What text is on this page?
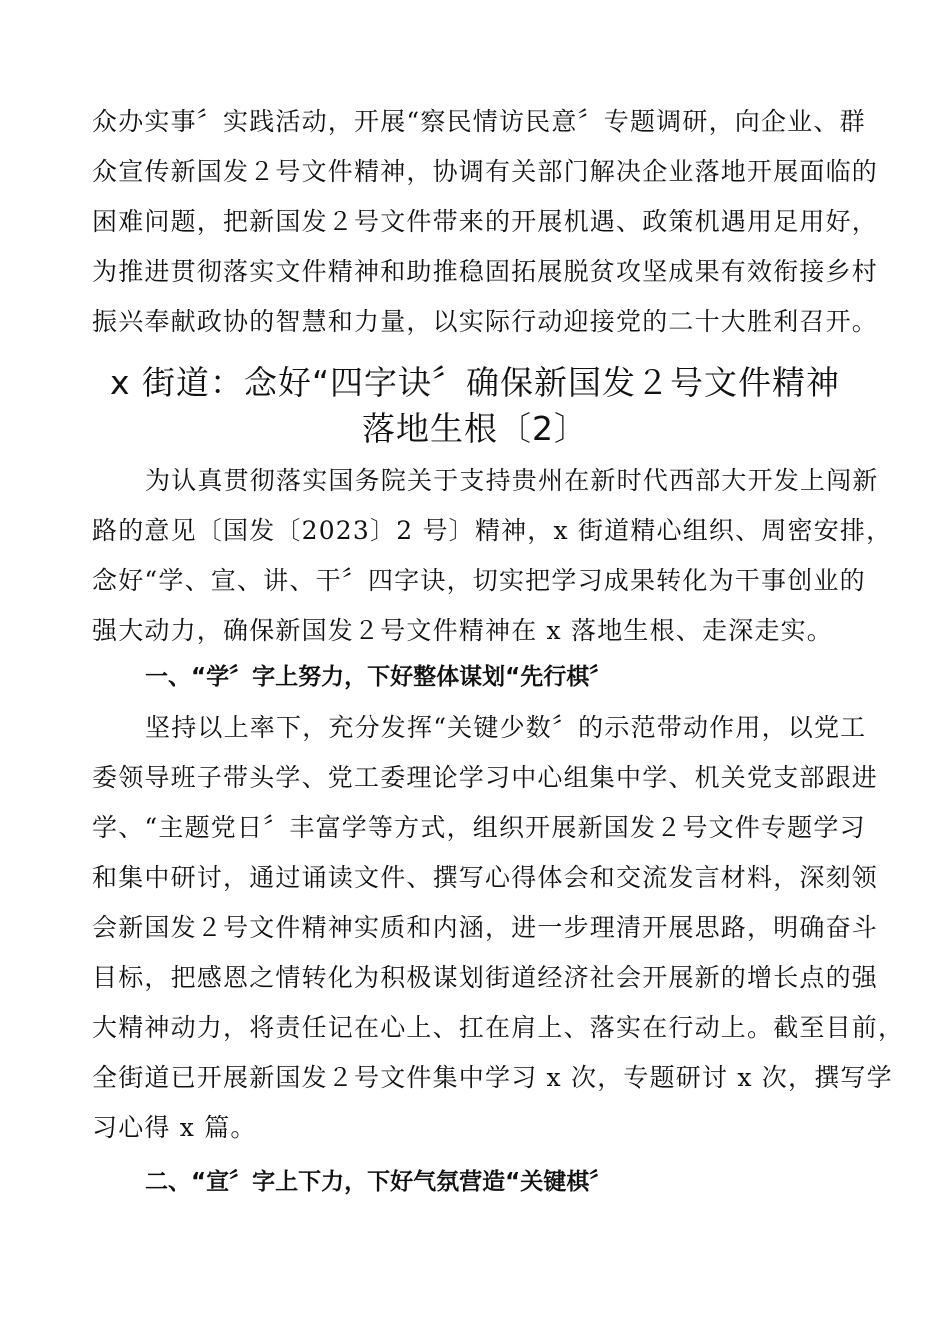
众办实事〞实践活动，开展“察民情访民意〞专题调研，向企业、群
众宣传新国发２号文件精神，协调有关部门解决企业落地开展面临的
困难问题，把新国发２号文件带来的开展机遇、政策机遇用足用好，
为推进贯彻落实文件精神和助推稳固拓展脱贫攻坚成果有效衔接乡村
振兴奉献政协的智慧和力量，以实际行动迎接党的二十大胜利召开。
x 街道：念好“四字诀〞确保新国发２号文件精神
落地生根〔2〕
为认真贯彻落实国务院关于支持贵州在新时代西部大开发上闯新
路的意见〔国发〔2023〕2 号〕精神，x 街道精心组织、周密安排，
念好“学、宣、讲、干〞四字诀，切实把学习成果转化为干事创业的
强大动力，确保新国发２号文件精神在 x 落地生根、走深走实。
一、“学〞字上努力，下好整体谋划“先行棋〞
坚持以上率下，充分发挥“关键少数〞的示范带动作用，以党工
委领导班子带头学、党工委理论学习中心组集中学、机关党支部跟进
学、“主题党日〞丰富学等方式，组织开展新国发２号文件专题学习
和集中研讨，通过诵读文件、撰写心得体会和交流发言材料，深刻领
会新国发２号文件精神实质和内涵，进一步理清开展思路，明确奋斗
目标，把感恩之情转化为积极谋划街道经济社会开展新的增长点的强
大精神动力，将责任记在心上、扛在肩上、落实在行动上。截至目前，
全街道已开展新国发２号文件集中学习 x 次，专题研讨 x 次，撰写学
习心得 x 篇。
二、“宣〞字上下力，下好气氛营造“关键棋〞
